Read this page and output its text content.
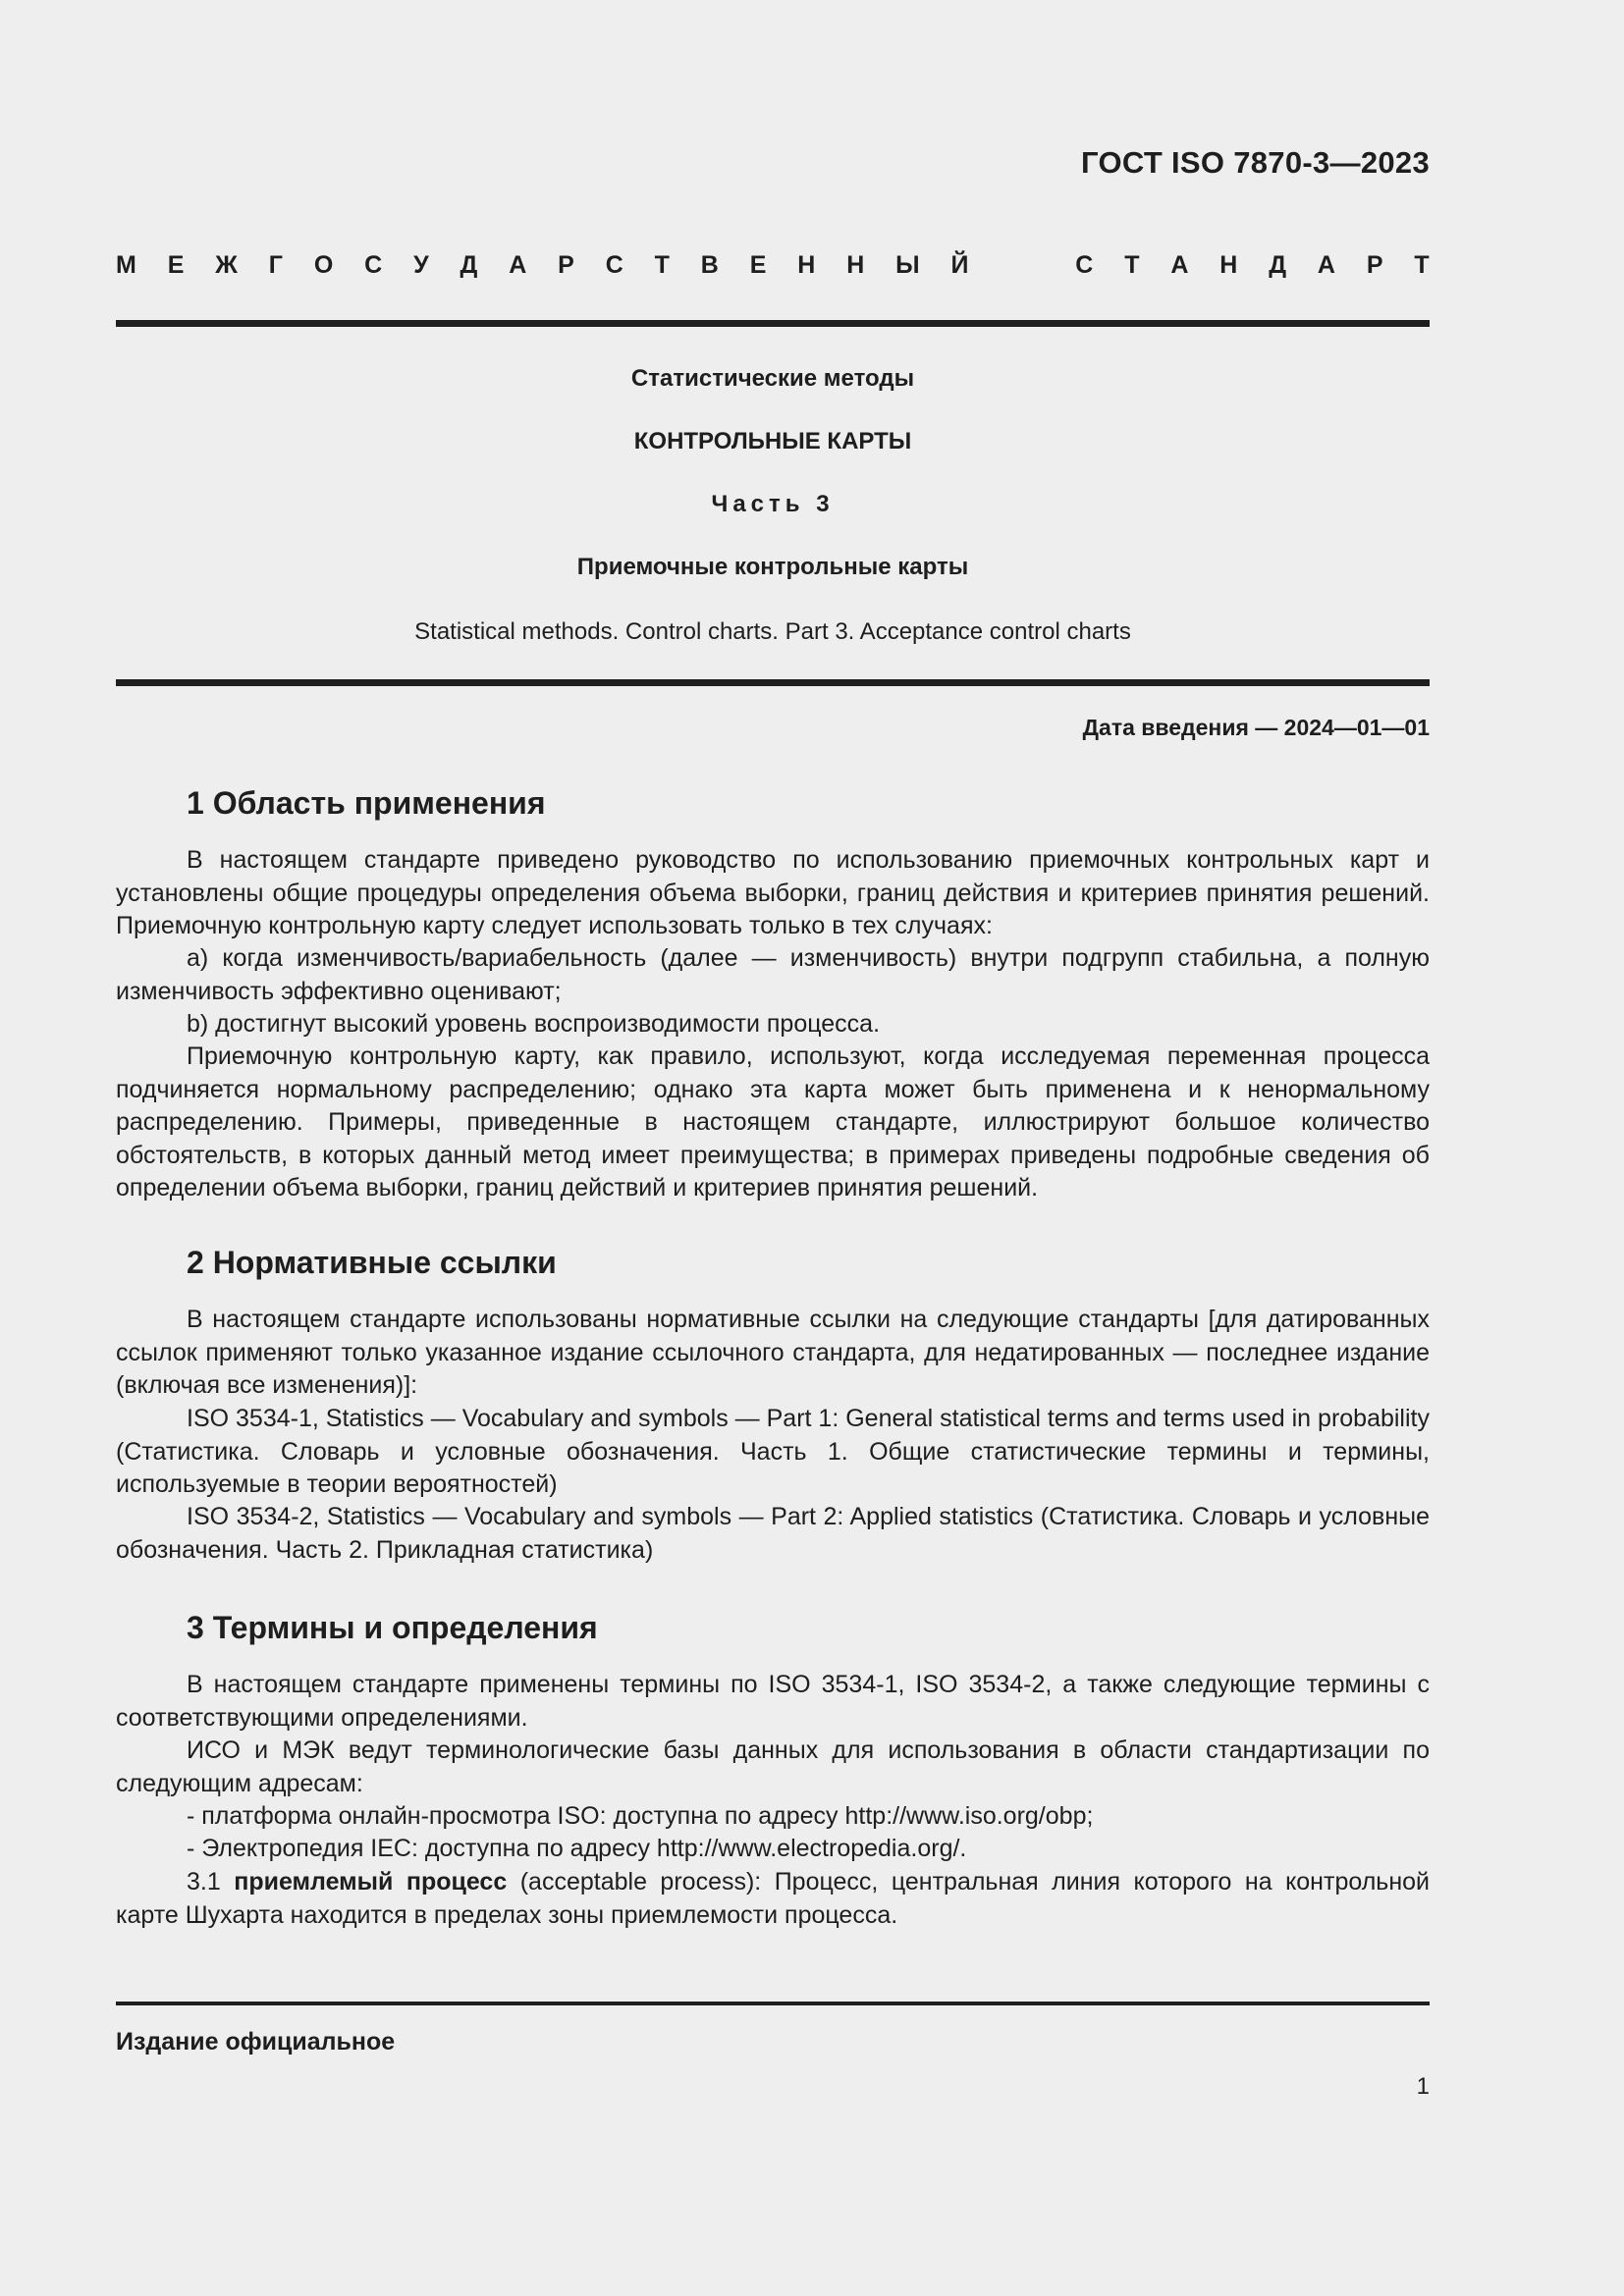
ГОСТ ISO 7870-3—2023
М Е Ж Г О С У Д А Р С Т В Е Н Н Ы Й	С Т А Н Д А Р Т
Статистические методы
КОНТРОЛЬНЫЕ КАРТЫ
Часть 3
Приемочные контрольные карты
Statistical methods. Control charts. Part 3. Acceptance control charts
Дата введения — 2024—01—01
1 Область применения

В настоящем стандарте приведено руководство по использованию приемочных контрольных карт и установлены общие процедуры определения объема выборки, границ действия и критериев принятия решений. Приемочную контрольную карту следует использовать только в тех случаях:

a) когда изменчивость/вариабельность (далее — изменчивость) внутри подгрупп стабильна, а полную изменчивость эффективно оценивают;

b) достигнут высокий уровень воспроизводимости процесса.

Приемочную контрольную карту, как правило, используют, когда исследуемая переменная процесса подчиняется нормальному распределению; однако эта карта может быть применена и к ненормальному распределению. Примеры, приведенные в настоящем стандарте, иллюстрируют большое количество обстоятельств, в которых данный метод имеет преимущества; в примерах приведены подробные сведения об определении объема выборки, границ действий и критериев принятия решений.

2 Нормативные ссылки

В настоящем стандарте использованы нормативные ссылки на следующие стандарты [для датированных ссылок применяют только указанное издание ссылочного стандарта, для недатированных — последнее издание (включая все изменения)]:

ISO 3534-1, Statistics — Vocabulary and symbols — Part 1: General statistical terms and terms used in probability (Статистика. Словарь и условные обозначения. Часть 1. Общие статистические термины и термины, используемые в теории вероятностей)

ISO 3534-2, Statistics — Vocabulary and symbols — Part 2: Applied statistics (Статистика. Словарь и условные обозначения. Часть 2. Прикладная статистика)

3 Термины и определения

В настоящем стандарте применены термины по ISO 3534-1, ISO 3534-2, а также следующие термины с соответствующими определениями.

ИСО и МЭК ведут терминологические базы данных для использования в области стандартизации по следующим адресам:

- платформа онлайн-просмотра ISO: доступна по адресу http://www.iso.org/obp;

- Электропедия IEC: доступна по адресу http://www.electropedia.org/.

3.1 приемлемый процесс (acceptable process): Процесс, центральная линия которого на контрольной карте Шухарта находится в пределах зоны приемлемости процесса.

Издание официальное
1
